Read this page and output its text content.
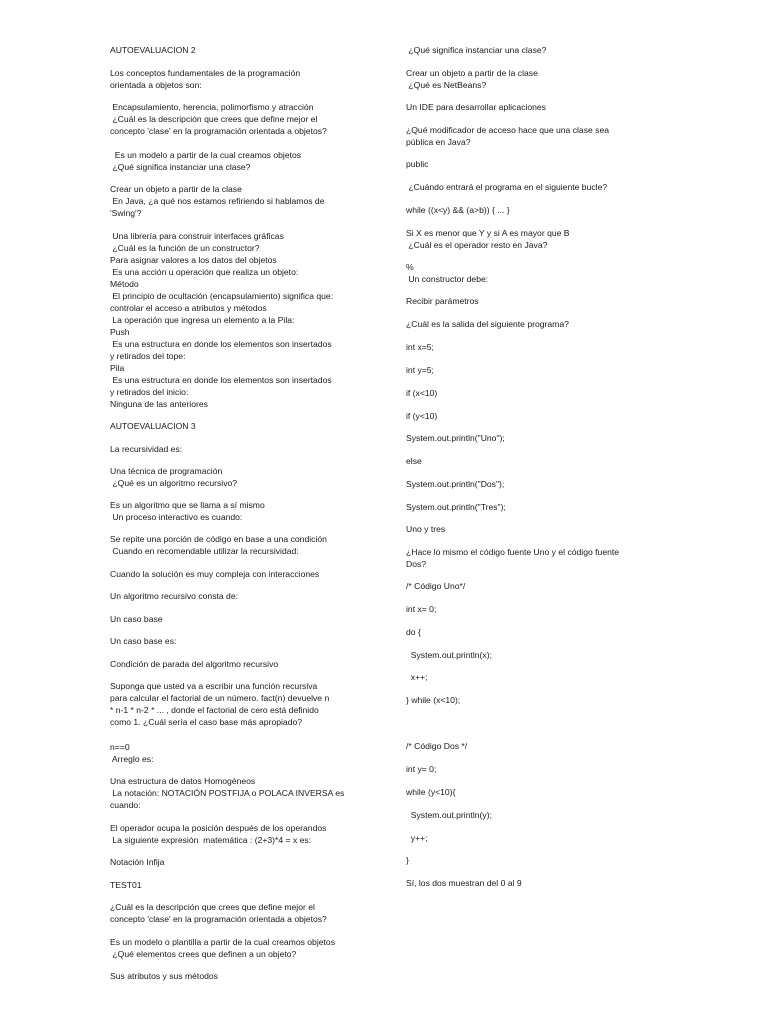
AUTOEVALUACION 2
Los conceptos fundamentales de la programación
orientada a objetos son:
Encapsulamiento, herencia, polimorfismo y atracción
¿Cuál es la descripción que crees que define mejor el
concepto 'clase' en la programación orientada a objetos?
Es un modelo a partir de la cual creamos objetos
¿Qué significa instanciar una clase?
Crear un objeto a partir de la clase
En Java, ¿a qué nos estamos refiriendo si hablamos de
'Swing'?
Una librería para construir interfaces gráficas
¿Cuál es la función de un constructor?
Para asignar valores a los datos del objetos
Es una acción u operación que realiza un objeto:
Método
El principio de ocultación (encapsulamiento) significa que:
controlar el acceso a atributos y métodos
La operación que ingresa un elemento a la Pila:
Push
Es una estructura en donde los elementos son insertados
y retirados del tope:
Pila
Es una estructura en donde los elementos son insertados
y retirados del inicio:
Ninguna de las anteriores
AUTOEVALUACION 3
La recursividad es:
Una técnica de programación
¿Qué es un algoritmo recursivo?
Es un algoritmo que se llama a sí mismo
Un proceso interactivo es cuando:
Se repite una porción de código en base a una condición
Cuando en recomendable utilizar la recursividad:
Cuando la solución es muy compleja con interacciones
Un algoritmo recursivo consta de:
Un caso base
Un caso base es:
Condición de parada del algoritmo recursivo
Suponga que usted va a escribir una función recursiva
para calcular el factorial de un número. fact(n) devuelve n
* n-1 * n-2 * ... , donde el factorial de cero está definido
como 1. ¿Cuál sería el caso base más apropiado?
n==0
Arreglo es:
Una estructura de datos Homogéneos
La notación: NOTACIÓN POSTFIJA o POLACA INVERSA es
cuando:
El operador ocupa la posición después de los operandos
La siguiente expresión  matemática : (2+3)*4 = x es:
Notación Infija
TEST01
¿Cuál es la descripción que crees que define mejor el
concepto 'clase' en la programación orientada a objetos?
Es un modelo o plantilla a partir de la cual creamos objetos
¿Qué elementos crees que definen a un objeto?
Sus atributos y sus métodos
¿Qué significa instanciar una clase?
Crear un objeto a partir de la clase
¿Qué es NetBeans?
Un IDE para desarrollar aplicaciones
¿Qué modificador de acceso hace que una clase sea
pública en Java?
public
¿Cuándo entrará el programa en el siguiente bucle?
while ((x<y) && (a>b)) { ... }
Si X es menor que Y y si A es mayor que B
¿Cuál es el operador resto en Java?
%
Un constructor debe:
Recibir parámetros
¿Cuál es la salida del siguiente programa?
int x=5;
int y=5;
if (x<10)
if (y<10)
System.out.println("Uno");
else
System.out.println("Dos");
System.out.println("Tres");
Uno y tres
¿Hace lo mismo el código fuente Uno y el código fuente
Dos?
/* Código Uno*/
int x= 0;
do {
System.out.println(x);
x++;
} while (x<10);
/* Código Dos */
int y= 0;
while (y<10){
System.out.println(y);
y++;
}
Sí, los dos muestran del 0 al 9
